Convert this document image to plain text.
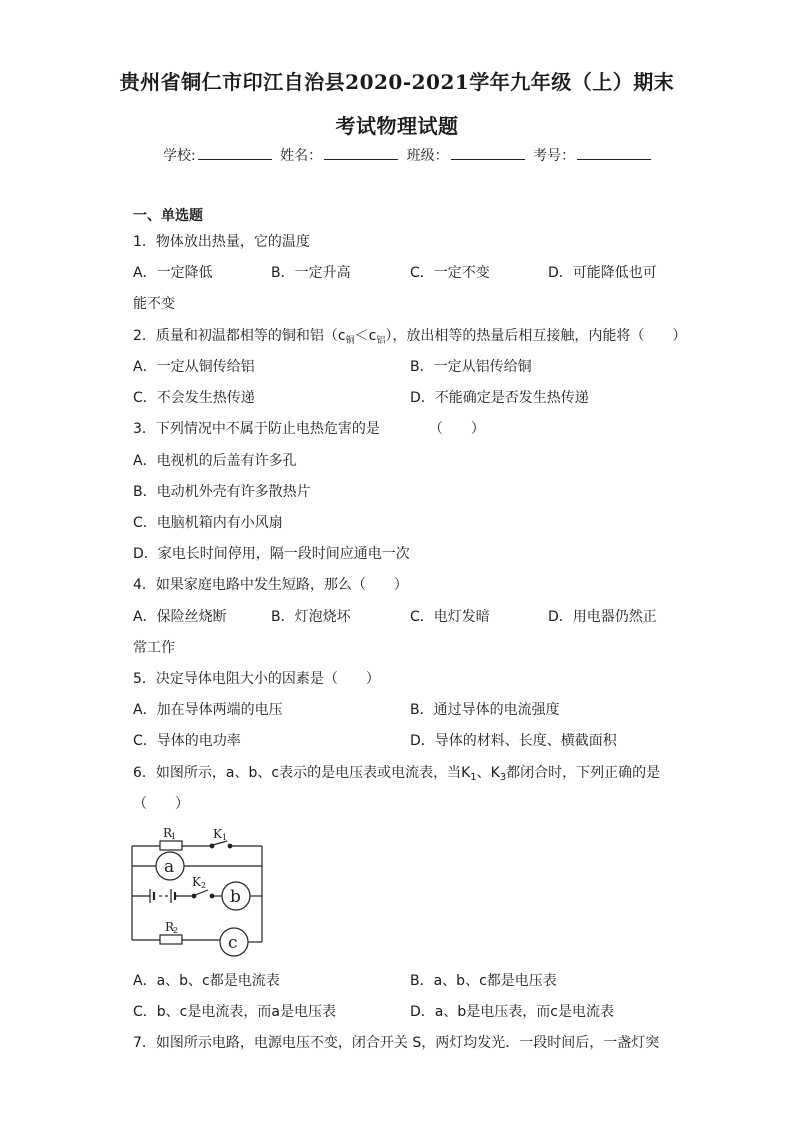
贵州省铜仁市印江自治县2020-2021学年九年级（上）期末
考试物理试题
学校:	姓名：	班级：	考号：
一、单选题
1．物体放出热量，它的温度
A．一定降低	B．一定升高	C．一定不变	D．可能降低也可
能不变
2．质量和初温都相等的铜和铝$(c_铜<c_铝)$，放出相等的热量后相互接触，内能将（　　）
A．一定从铜传给铝	B．一定从铝传给铜
C．不会发生热传递	D．不能确定是否发生热传递
3．下列情况中不属于防止电热危害的是　　　　（　　）
A．电视机的后盖有许多孔
B．电动机外壳有许多散热片
C．电脑机箱内有小风扇
D．家电长时间停用，隔一段时间应通电一次
4．如果家庭电路中发生短路，那么（　　）
A．保险丝烧断	B．灯泡烧坏	C．电灯发暗	D．用电器仍然正
常工作
5．决定导体电阻大小的因素是（　　）
A．加在导体两端的电压	B．通过导体的电流强度
C．导体的电功率	D．导体的材料、长度、横截面积
6．如图所示，a、b、c表示的是电压表或电流表，当$K_1$、$K_3$都闭合时，下列正确的是
（　　）
R
1	K 1
K 2
R
2
a
b
c
A．a、b、c都是电流表	B．a、b、c都是电压表
C．b、c是电流表，而a是电压表	D．a、b是电压表，而c是电流表
7．如图所示电路，电源电压不变，闭合开关 S，两灯均发光．一段时间后，一盏灯突
